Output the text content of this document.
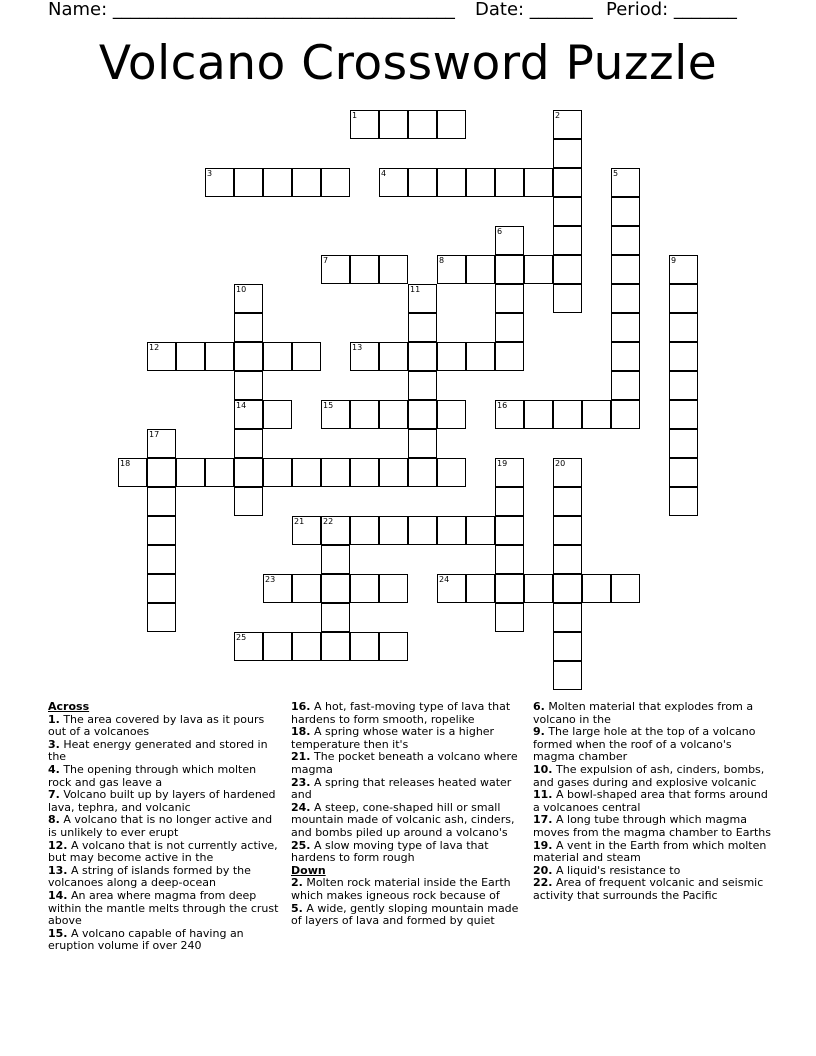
Name: ______________________________________ Date: _______ Period: _______
Volcano Crossword Puzzle
1
3	4
7	8
12	13
14	15	16
18
21 22
23	24
25
2
5
6
9
10	11
17
19	20
Across
1. The area covered by lava as it pours out of a volcanoes
3. Heat energy generated and stored in the
4. The opening through which molten rock and gas leave a
7. Volcano built up by layers of hardened lava, tephra, and volcanic
8. A volcano that is no longer active and is unlikely to ever erupt
12. A volcano that is not currently active, but may become active in the
13. A string of islands formed by the volcanoes along a deep-ocean
14. An area where magma from deep within the mantle melts through the crust above
15. A volcano capable of having an eruption volume if over 240
16. A hot, fast-moving type of lava that hardens to form smooth, ropelike
18. A spring whose water is a higher temperature then it's
21. The pocket beneath a volcano where magma
23. A spring that releases heated water and
24. A steep, cone-shaped hill or small mountain made of volcanic ash, cinders, and bombs piled up around a volcano's
25. A slow moving type of lava that hardens to form rough
Down
2. Molten rock material inside the Earth which makes igneous rock because of
5. A wide, gently sloping mountain made of layers of lava and formed by quiet
6. Molten material that explodes from a volcano in the
9. The large hole at the top of a volcano formed when the roof of a volcano's magma chamber
10. The expulsion of ash, cinders, bombs, and gases during and explosive volcanic
11. A bowl-shaped area that forms around a volcanoes central
17. A long tube through which magma moves from the magma chamber to Earths
19. A vent in the Earth from which molten material and steam
20. A liquid's resistance to
22. Area of frequent volcanic and seismic activity that surrounds the Pacific
